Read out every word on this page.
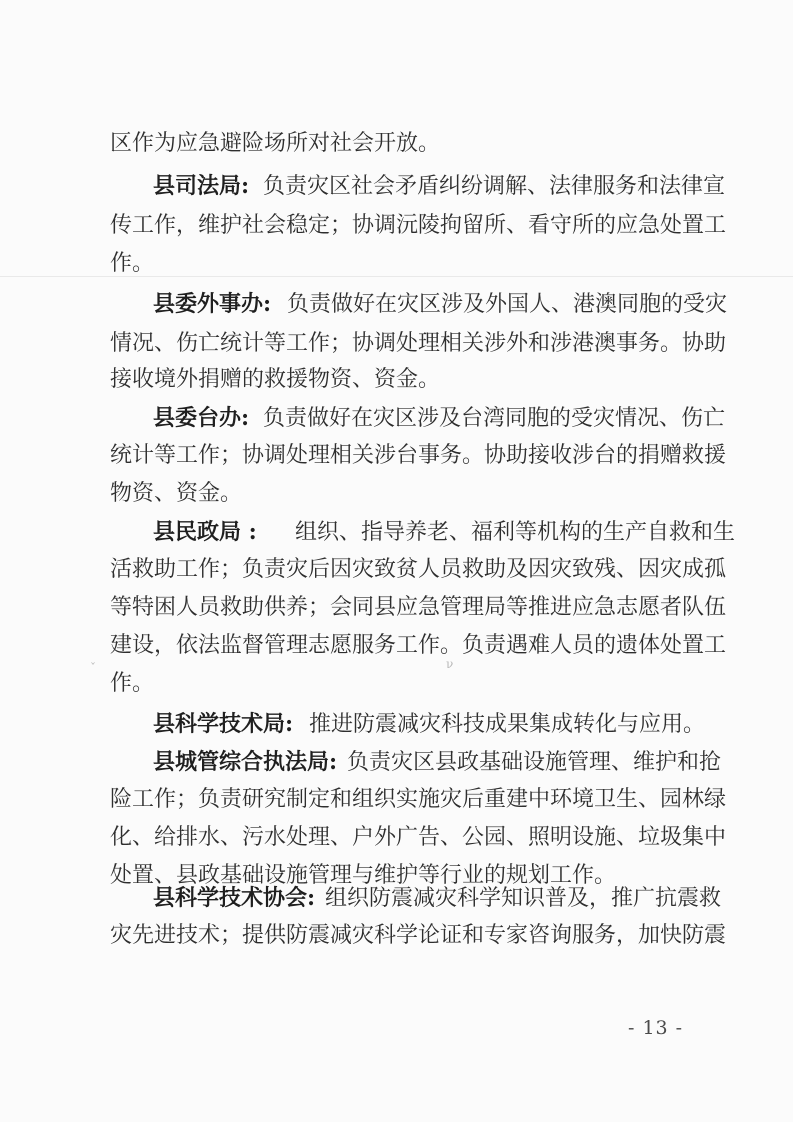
ˇ	ν
区作为应急避险场所对社会开放。
县司法局: 负责灾区社会矛盾纠纷调解、法律服务和法律宣
传工作，维护社会稳定；协调沅陵拘留所、看守所的应急处置工
作。
县委外事办: 负责做好在灾区涉及外国人、港澳同胞的受灾
情况、伤亡统计等工作；协调处理相关涉外和涉港澳事务。协助
接收境外捐赠的救援物资、资金。
县委台办: 负责做好在灾区涉及台湾同胞的受灾情况、伤亡
统计等工作；协调处理相关涉台事务。协助接收涉台的捐赠救援
物资、资金。
县民政局 : 组织、指导养老、福利等机构的生产自救和生
活救助工作；负责灾后因灾致贫人员救助及因灾致残、因灾成孤
等特困人员救助供养；会同县应急管理局等推进应急志愿者队伍
建设，依法监督管理志愿服务工作。负责遇难人员的遗体处置工
作。
县科学技术局: 推进防震减灾科技成果集成转化与应用。
县城管综合执法局: 负责灾区县政基础设施管理、维护和抢
险工作；负责研究制定和组织实施灾后重建中环境卫生、园林绿
化、给排水、污水处理、户外广告、公园、照明设施、垃圾集中
处置、县政基础设施管理与维护等行业的规划工作。
县科学技术协会: 组织防震减灾科学知识普及，推广抗震救
灾先进技术；提供防震减灾科学论证和专家咨询服务，加快防震
- 13 -
